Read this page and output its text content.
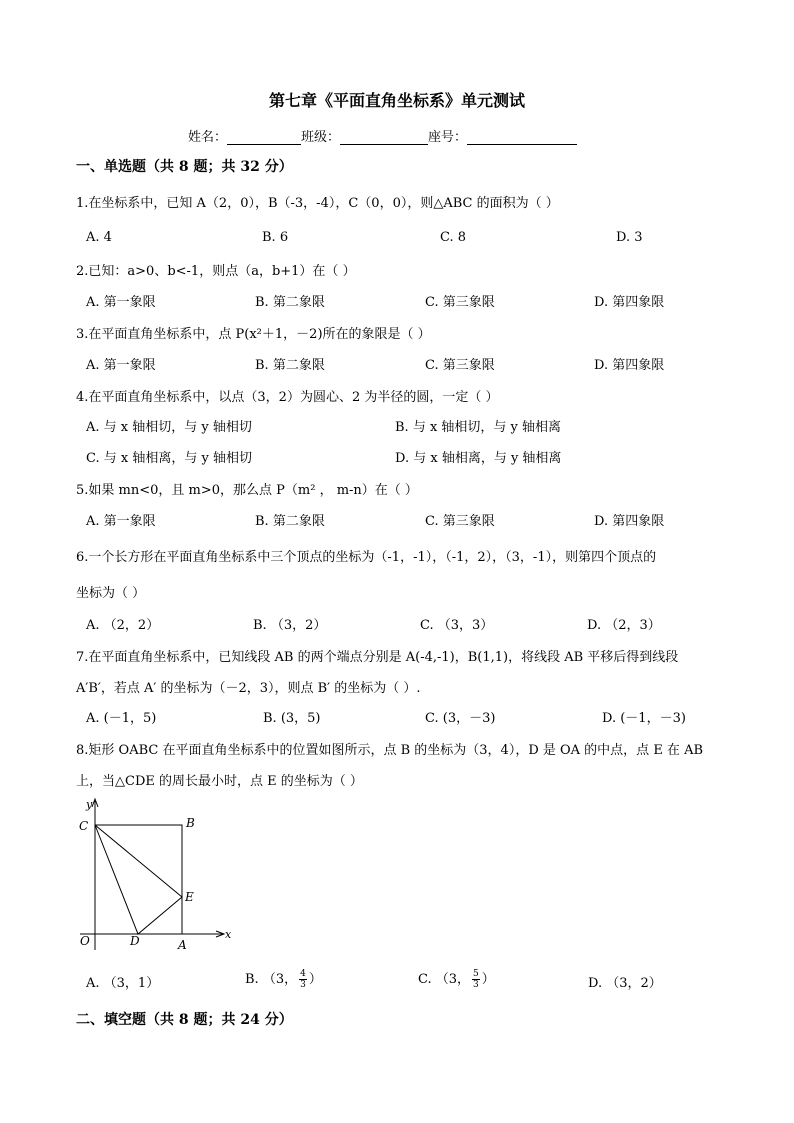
第七章《平面直角坐标系》单元测试
姓名：	班级：	座号：
一、单选题（共 8 题；共 32 分）
1.在坐标系中，已知 A（2，0），B（-3，-4），C（0，0），则△ABC 的面积为（ ）
A. 4	B. 6	C. 8	D. 3
2.已知：a>0、b<-1，则点（a，b+1）在（ ）
A. 第一象限	B. 第二象限	C. 第三象限	D. 第四象限
3.在平面直角坐标系中，点 P(x²＋1，－2)所在的象限是（ ）
A. 第一象限	B. 第二象限	C. 第三象限	D. 第四象限
4.在平面直角坐标系中，以点（3，2）为圆心、2 为半径的圆，一定（ ）
A. 与 x 轴相切，与 y 轴相切	B. 与 x 轴相切，与 y 轴相离
C. 与 x 轴相离，与 y 轴相切	D. 与 x 轴相离，与 y 轴相离
5.如果 mn<0，且 m>0，那么点 P（m² ， m-n）在（ ）
A. 第一象限	B. 第二象限	C. 第三象限	D. 第四象限
6.一个长方形在平面直角坐标系中三个顶点的坐标为（-1，-1），（-1，2），（3，-1），则第四个顶点的
坐标为（ ）
A. （2，2）	B. （3，2）	C. （3，3）	D. （2，3）
7.在平面直角坐标系中，已知线段 AB 的两个端点分别是 A(-4,-1)，B(1,1)，将线段 AB 平移后得到线段
A′B′，若点 A′ 的坐标为（－2，3），则点 B′ 的坐标为（ ）.
A. (－1，5)	B. (3，5)	C. (3，－3)	D. (－1，－3)
8.矩形 OABC 在平面直角坐标系中的位置如图所示，点 B 的坐标为（3，4），D 是 OA 的中点，点 E 在 AB
上，当△CDE 的周长最小时，点 E 的坐标为（ ）
y
x
O	A
B
C
D
E
A. （3，1）	B. （3， $\frac{4}{3}$ ）	C. （3， $\frac{5}{3}$ ）	D. （3，2）
二、填空题（共 8 题；共 24 分）
